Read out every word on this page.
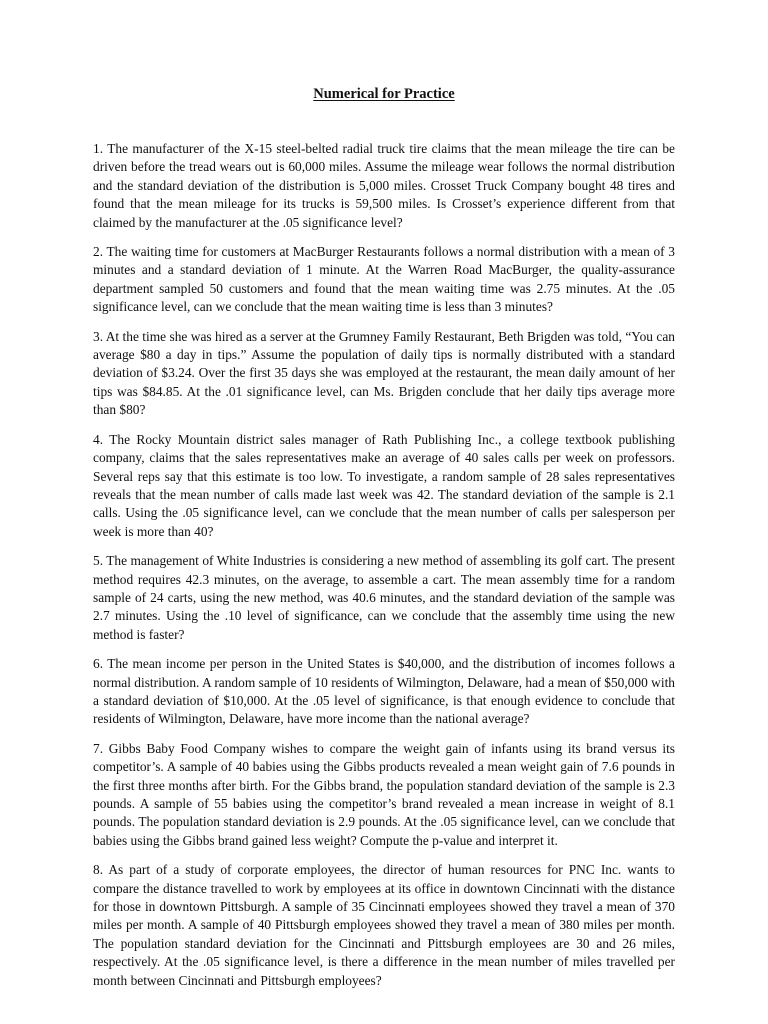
Numerical for Practice

1. The manufacturer of the X-15 steel-belted radial truck tire claims that the mean mileage the tire can be driven before the tread wears out is 60,000 miles. Assume the mileage wear follows the normal distribution and the standard deviation of the distribution is 5,000 miles. Crosset Truck Company bought 48 tires and found that the mean mileage for its trucks is 59,500 miles. Is Crosset’s experience different from that claimed by the manufacturer at the .05 significance level?

2. The waiting time for customers at MacBurger Restaurants follows a normal distribution with a mean of 3 minutes and a standard deviation of 1 minute. At the Warren Road MacBurger, the quality-assurance department sampled 50 customers and found that the mean waiting time was 2.75 minutes. At the .05 significance level, can we conclude that the mean waiting time is less than 3 minutes?

3. At the time she was hired as a server at the Grumney Family Restaurant, Beth Brigden was told, “You can average $80 a day in tips.” Assume the population of daily tips is normally distributed with a standard deviation of $3.24. Over the first 35 days she was employed at the restaurant, the mean daily amount of her tips was $84.85. At the .01 significance level, can Ms. Brigden conclude that her daily tips average more than $80?

4. The Rocky Mountain district sales manager of Rath Publishing Inc., a college textbook publishing company, claims that the sales representatives make an average of 40 sales calls per week on professors. Several reps say that this estimate is too low. To investigate, a random sample of 28 sales representatives reveals that the mean number of calls made last week was 42. The standard deviation of the sample is 2.1 calls. Using the .05 significance level, can we conclude that the mean number of calls per salesperson per week is more than 40?

5. The management of White Industries is considering a new method of assembling its golf cart. The present method requires 42.3 minutes, on the average, to assemble a cart. The mean assembly time for a random sample of 24 carts, using the new method, was 40.6 minutes, and the standard deviation of the sample was 2.7 minutes. Using the .10 level of significance, can we conclude that the assembly time using the new method is faster?

6. The mean income per person in the United States is $40,000, and the distribution of incomes follows a normal distribution. A random sample of 10 residents of Wilmington, Delaware, had a mean of $50,000 with a standard deviation of $10,000. At the .05 level of significance, is that enough evidence to conclude that residents of Wilmington, Delaware, have more income than the national average?

7. Gibbs Baby Food Company wishes to compare the weight gain of infants using its brand versus its competitor’s. A sample of 40 babies using the Gibbs products revealed a mean weight gain of 7.6 pounds in the first three months after birth. For the Gibbs brand, the population standard deviation of the sample is 2.3 pounds. A sample of 55 babies using the competitor’s brand revealed a mean increase in weight of 8.1 pounds. The population standard deviation is 2.9 pounds. At the .05 significance level, can we conclude that babies using the Gibbs brand gained less weight? Compute the p-value and interpret it.

8. As part of a study of corporate employees, the director of human resources for PNC Inc. wants to compare the distance travelled to work by employees at its office in downtown Cincinnati with the distance for those in downtown Pittsburgh. A sample of 35 Cincinnati employees showed they travel a mean of 370 miles per month. A sample of 40 Pittsburgh employees showed they travel a mean of 380 miles per month. The population standard deviation for the Cincinnati and Pittsburgh employees are 30 and 26 miles, respectively. At the .05 significance level, is there a difference in the mean number of miles travelled per month between Cincinnati and Pittsburgh employees?
